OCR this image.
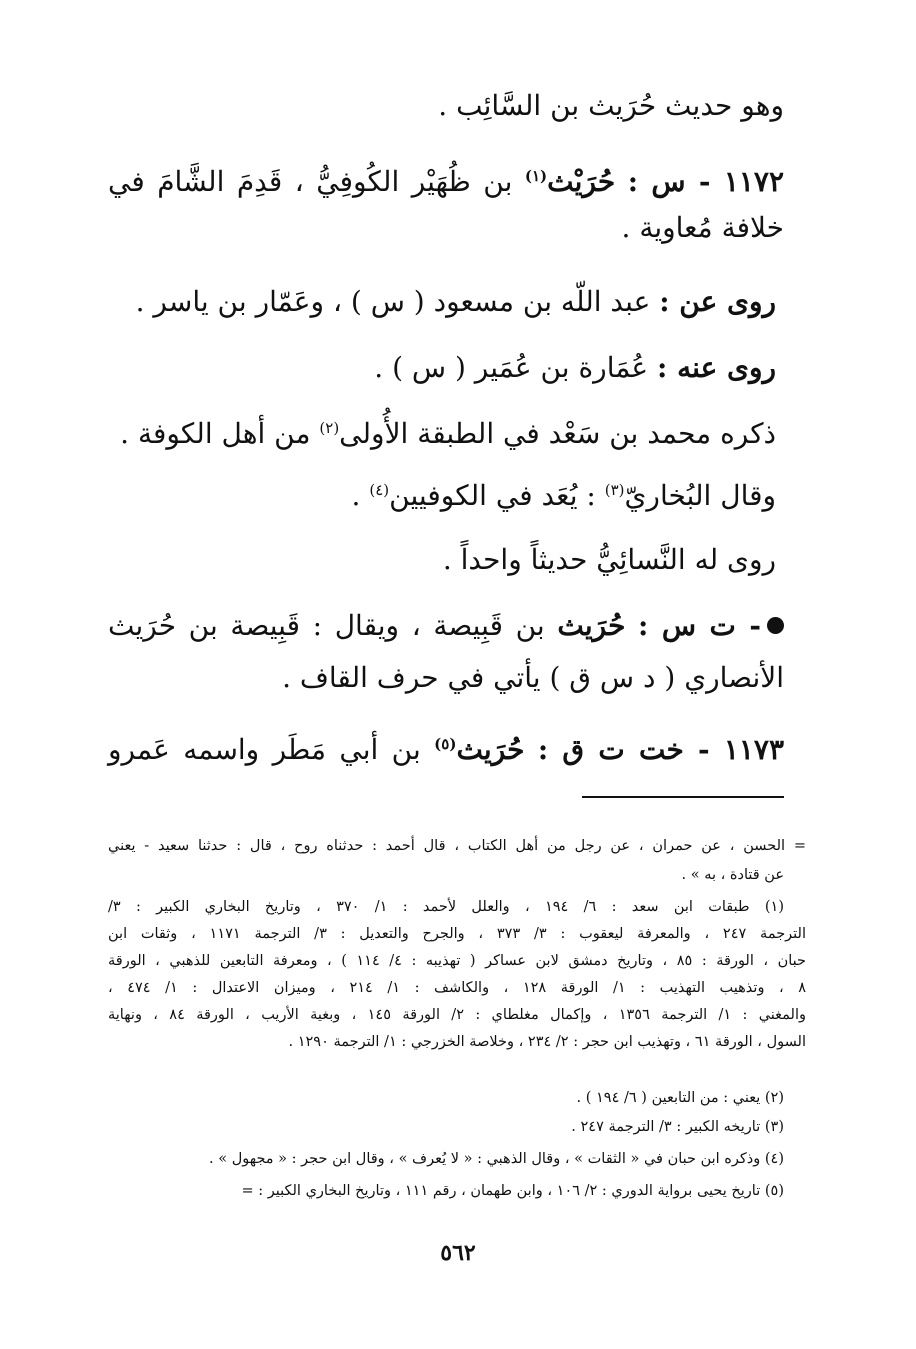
وهو حديث حُرَيث بن السَّائِب .
١١٧٢ - س : حُرَيْث$^{(١)}$ بن ظُهَيْر الكُوفِيُّ ، قَدِمَ الشَّامَ في
خلافة مُعاوية .
روى عن : عبد اللّه بن مسعود ( س ) ، وعَمّار بن ياسر .
روى عنه : عُمَارة بن عُمَير ( س ) .
ذكره محمد بن سَعْد في الطبقة الأُولى$^{(٢)}$ من أهل الكوفة .
وقال البُخاريّ$^{(٣)}$ : يُعَد في الكوفيين$^{(٤)}$ .
روى له النَّسائِيُّ حديثاً واحداً .
- ت س : حُرَيث بن قَبِيصة ، ويقال : قَبِيصة بن حُرَيث
الأنصاري ( د س ق ) يأتي في حرف القاف .
١١٧٣ - خت ت ق : حُرَيث$^{(٥)}$ بن أبي مَطَر واسمه عَمرو
= الحسن ، عن حمران ، عن رجل من أهل الكتاب ، قال أحمد : حدثناه روح ، قال : حدثنا سعيد - يعني
عن قتادة ، به » .
(١) طبقات ابن سعد : ٦/ ١٩٤ ، والعلل لأحمد : ١/ ٣٧٠ ، وتاريخ البخاري الكبير : ٣/
الترجمة ٢٤٧ ، والمعرفة ليعقوب : ٣/ ٣٧٣ ، والجرح والتعديل : ٣/ الترجمة ١١٧١ ، وثقات ابن
حبان ، الورقة : ٨٥ ، وتاريخ دمشق لابن عساكر ( تهذيبه : ٤/ ١١٤ ) ، ومعرفة التابعين للذهبي ، الورقة
٨ ، وتذهيب التهذيب : ١/ الورقة ١٢٨ ، والكاشف : ١/ ٢١٤ ، وميزان الاعتدال : ١/ ٤٧٤ ،
والمغني : ١/ الترجمة ١٣٥٦ ، وإكمال مغلطاي : ٢/ الورقة ١٤٥ ، وبغية الأريب ، الورقة ٨٤ ، ونهاية
السول ، الورقة ٦١ ، وتهذيب ابن حجر : ٢/ ٢٣٤ ، وخلاصة الخزرجي : ١/ الترجمة ١٢٩٠ .
(٢) يعني : من التابعين ( ٦/ ١٩٤ ) .
(٣) تاريخه الكبير : ٣/ الترجمة ٢٤٧ .
(٤) وذكره ابن حبان في « الثقات » ، وقال الذهبي : « لا يُعرف » ، وقال ابن حجر : « مجهول » .
(٥) تاريخ يحيى برواية الدوري : ٢/ ١٠٦ ، وابن طهمان ، رقم ١١١ ، وتاريخ البخاري الكبير : =
٥٦٢
